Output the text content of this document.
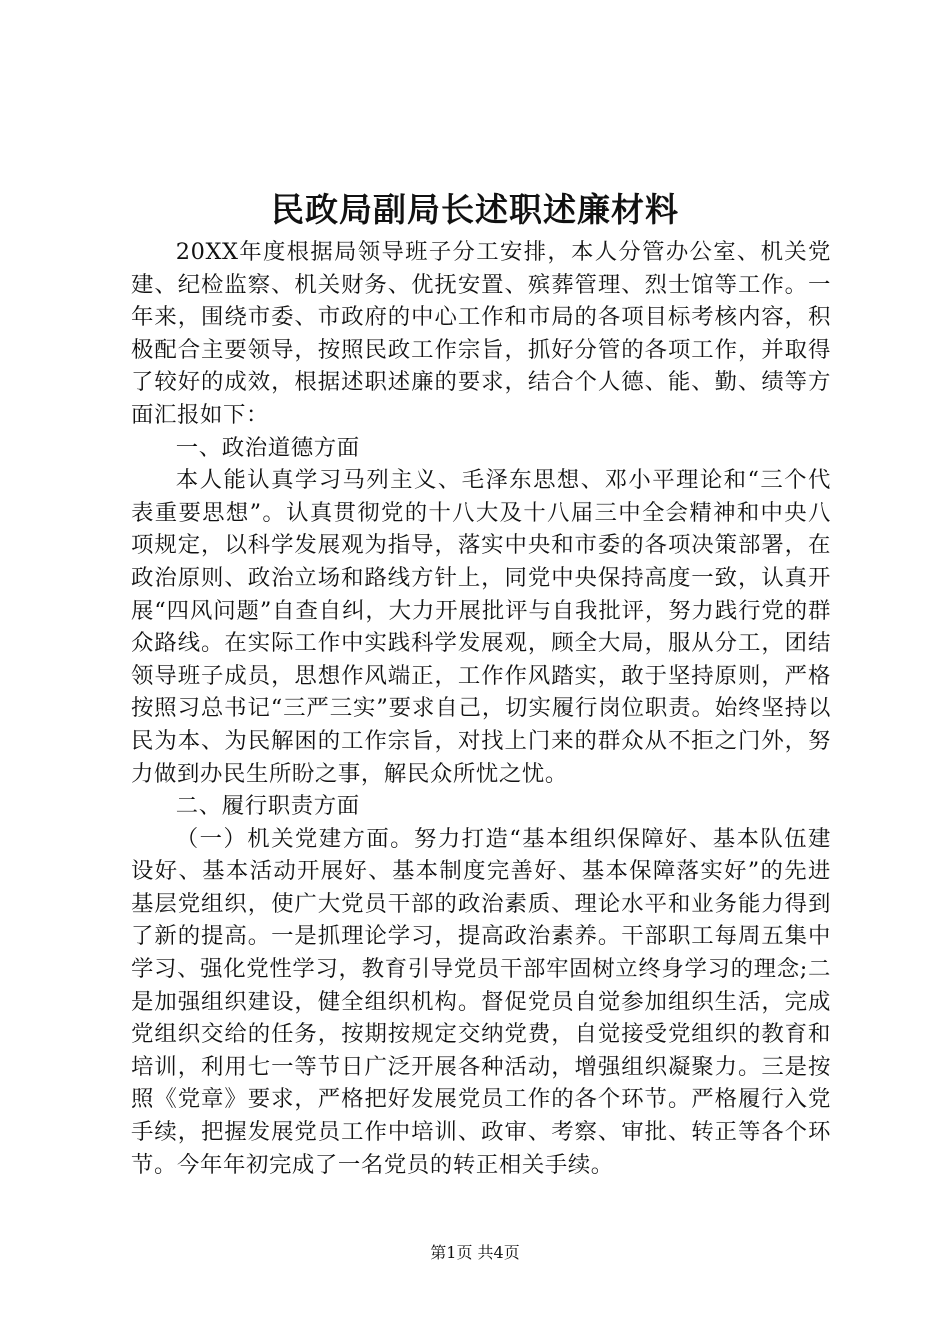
民政局副局长述职述廉材料

20XX年度根据局领导班子分工安排，本人分管办公室、机关党建、纪检监察、机关财务、优抚安置、殡葬管理、烈士馆等工作。一年来，围绕市委、市政府的中心工作和市局的各项目标考核内容，积极配合主要领导，按照民政工作宗旨，抓好分管的各项工作，并取得了较好的成效，根据述职述廉的要求，结合个人德、能、勤、绩等方面汇报如下：

一、政治道德方面

本人能认真学习马列主义、毛泽东思想、邓小平理论和“三个代表重要思想”。认真贯彻党的十八大及十八届三中全会精神和中央八项规定，以科学发展观为指导，落实中央和市委的各项决策部署，在政治原则、政治立场和路线方针上，同党中央保持高度一致，认真开展“四风问题”自查自纠，大力开展批评与自我批评，努力践行党的群众路线。在实际工作中实践科学发展观，顾全大局，服从分工，团结领导班子成员，思想作风端正，工作作风踏实，敢于坚持原则，严格按照习总书记“三严三实”要求自己，切实履行岗位职责。始终坚持以民为本、为民解困的工作宗旨，对找上门来的群众从不拒之门外，努力做到办民生所盼之事，解民众所忧之忧。

二、履行职责方面

（一）机关党建方面。努力打造“基本组织保障好、基本队伍建设好、基本活动开展好、基本制度完善好、基本保障落实好”的先进基层党组织，使广大党员干部的政治素质、理论水平和业务能力得到了新的提高。一是抓理论学习，提高政治素养。干部职工每周五集中学习、强化党性学习，教育引导党员干部牢固树立终身学习的理念;二是加强组织建设，健全组织机构。督促党员自觉参加组织生活，完成党组织交给的任务，按期按规定交纳党费，自觉接受党组织的教育和培训，利用七一等节日广泛开展各种活动，增强组织凝聚力。三是按照《党章》要求，严格把好发展党员工作的各个环节。严格履行入党手续，把握发展党员工作中培训、政审、考察、审批、转正等各个环节。今年年初完成了一名党员的转正相关手续。

第1页 共4页
